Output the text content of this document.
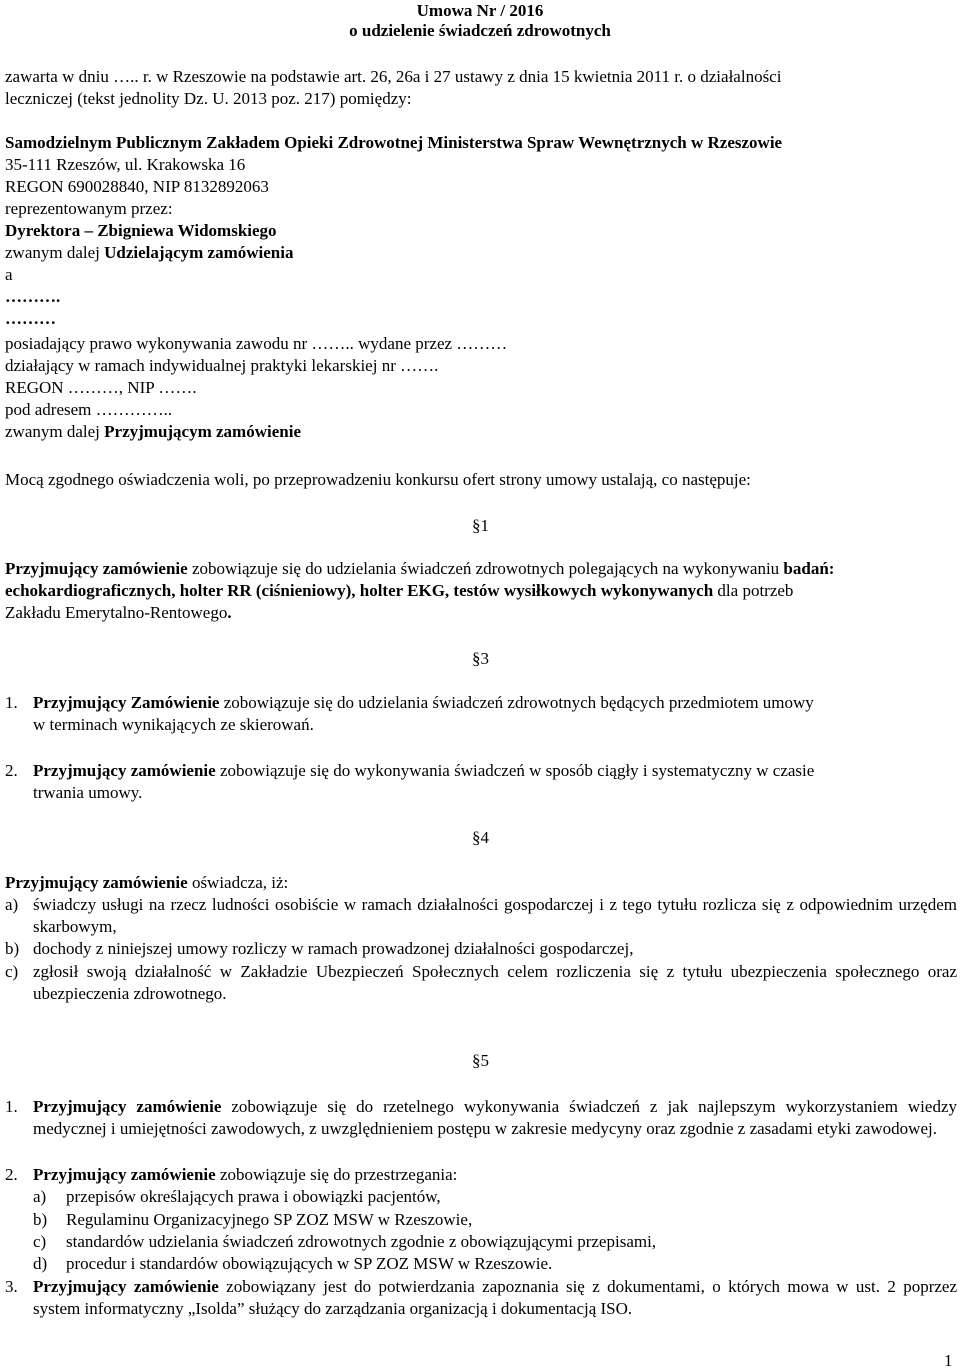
Umowa Nr / 2016
o udzielenie świadczeń zdrowotnych
zawarta w dniu ….. r. w Rzeszowie na podstawie art. 26, 26a i 27 ustawy z dnia 15 kwietnia 2011 r. o działalności
leczniczej (tekst jednolity Dz. U. 2013 poz. 217) pomiędzy:
Samodzielnym Publicznym Zakładem Opieki Zdrowotnej Ministerstwa Spraw Wewnętrznych w Rzeszowie
35-111 Rzeszów, ul. Krakowska 16
REGON 690028840, NIP 8132892063
reprezentowanym przez:
Dyrektora – Zbigniewa Widomskiego
zwanym dalej Udzielającym zamówienia
a
……….
………
posiadający prawo wykonywania zawodu nr …….. wydane przez ………
działający w ramach indywidualnej praktyki lekarskiej nr …….
REGON ………, NIP …….
pod adresem …………..
zwanym dalej Przyjmującym zamówienie
Mocą zgodnego oświadczenia woli, po przeprowadzeniu konkursu ofert strony umowy ustalają, co następuje:
§1
Przyjmujący zamówienie zobowiązuje się do udzielania świadczeń zdrowotnych polegających na wykonywaniu badań:
echokardiograficznych, holter RR (ciśnieniowy), holter EKG, testów wysiłkowych wykonywanych dla potrzeb
Zakładu Emerytalno-Rentowego.
§3
1. Przyjmujący Zamówienie zobowiązuje się do udzielania świadczeń zdrowotnych będących przedmiotem umowy
w terminach wynikających ze skierowań.
2. Przyjmujący zamówienie zobowiązuje się do wykonywania świadczeń w sposób ciągły i systematyczny w czasie
trwania umowy.
§4
Przyjmujący zamówienie oświadcza, iż:
a) świadczy usługi na rzecz ludności osobiście w ramach działalności gospodarczej i z tego tytułu rozlicza się z odpowiednim urzędem skarbowym,
b) dochody z niniejszej umowy rozliczy w ramach prowadzonej działalności gospodarczej,
c) zgłosił swoją działalność w Zakładzie Ubezpieczeń Społecznych celem rozliczenia się z tytułu ubezpieczenia społecznego oraz ubezpieczenia zdrowotnego.
§5
1. Przyjmujący zamówienie zobowiązuje się do rzetelnego wykonywania świadczeń z jak najlepszym wykorzystaniem wiedzy medycznej i umiejętności zawodowych, z uwzględnieniem postępu w zakresie medycyny oraz zgodnie z zasadami etyki zawodowej.
2. Przyjmujący zamówienie zobowiązuje się do przestrzegania:
a) przepisów określających prawa i obowiązki pacjentów,
b) Regulaminu Organizacyjnego SP ZOZ MSW w Rzeszowie,
c) standardów udzielania świadczeń zdrowotnych zgodnie z obowiązującymi przepisami,
d) procedur i standardów obowiązujących w SP ZOZ MSW w Rzeszowie.
3. Przyjmujący zamówienie zobowiązany jest do potwierdzania zapoznania się z dokumentami, o których mowa w ust. 2 poprzez system informatyczny „Isolda” służący do zarządzania organizacją i dokumentacją ISO.
1
